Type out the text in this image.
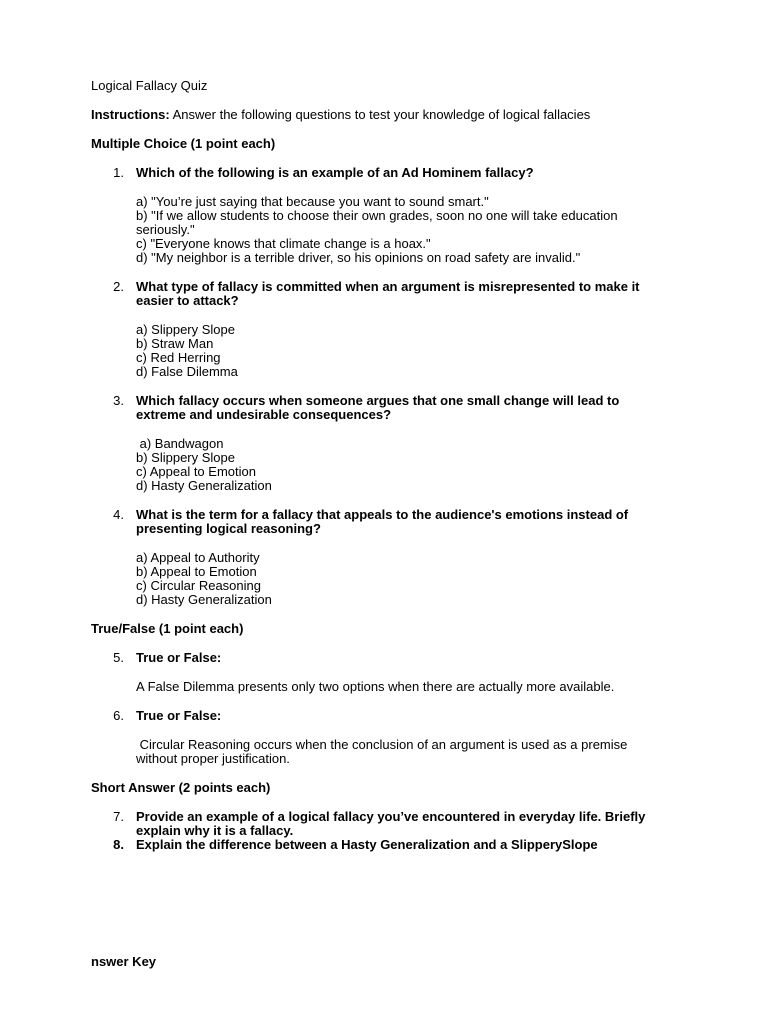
Logical Fallacy Quiz
Instructions: Answer the following questions to test your knowledge of logical fallacies
Multiple Choice (1 point each)
1. Which of the following is an example of an Ad Hominem fallacy?
a) "You’re just saying that because you want to sound smart."
b) "If we allow students to choose their own grades, soon no one will take education
seriously."
c) "Everyone knows that climate change is a hoax."
d) "My neighbor is a terrible driver, so his opinions on road safety are invalid."
2. What type of fallacy is committed when an argument is misrepresented to make it
easier to attack?
a) Slippery Slope
b) Straw Man
c) Red Herring
d) False Dilemma
3. Which fallacy occurs when someone argues that one small change will lead to
extreme and undesirable consequences?
a) Bandwagon
b) Slippery Slope
c) Appeal to Emotion
d) Hasty Generalization
4. What is the term for a fallacy that appeals to the audience's emotions instead of
presenting logical reasoning?
a) Appeal to Authority
b) Appeal to Emotion
c) Circular Reasoning
d) Hasty Generalization
True/False (1 point each)
5. True or False:
A False Dilemma presents only two options when there are actually more available.
6. True or False:
Circular Reasoning occurs when the conclusion of an argument is used as a premise
without proper justification.
Short Answer (2 points each)
7. Provide an example of a logical fallacy you’ve encountered in everyday life. Briefly
explain why it is a fallacy.
8. Explain the difference between a Hasty Generalization and a SlipperySlope
nswer Key
